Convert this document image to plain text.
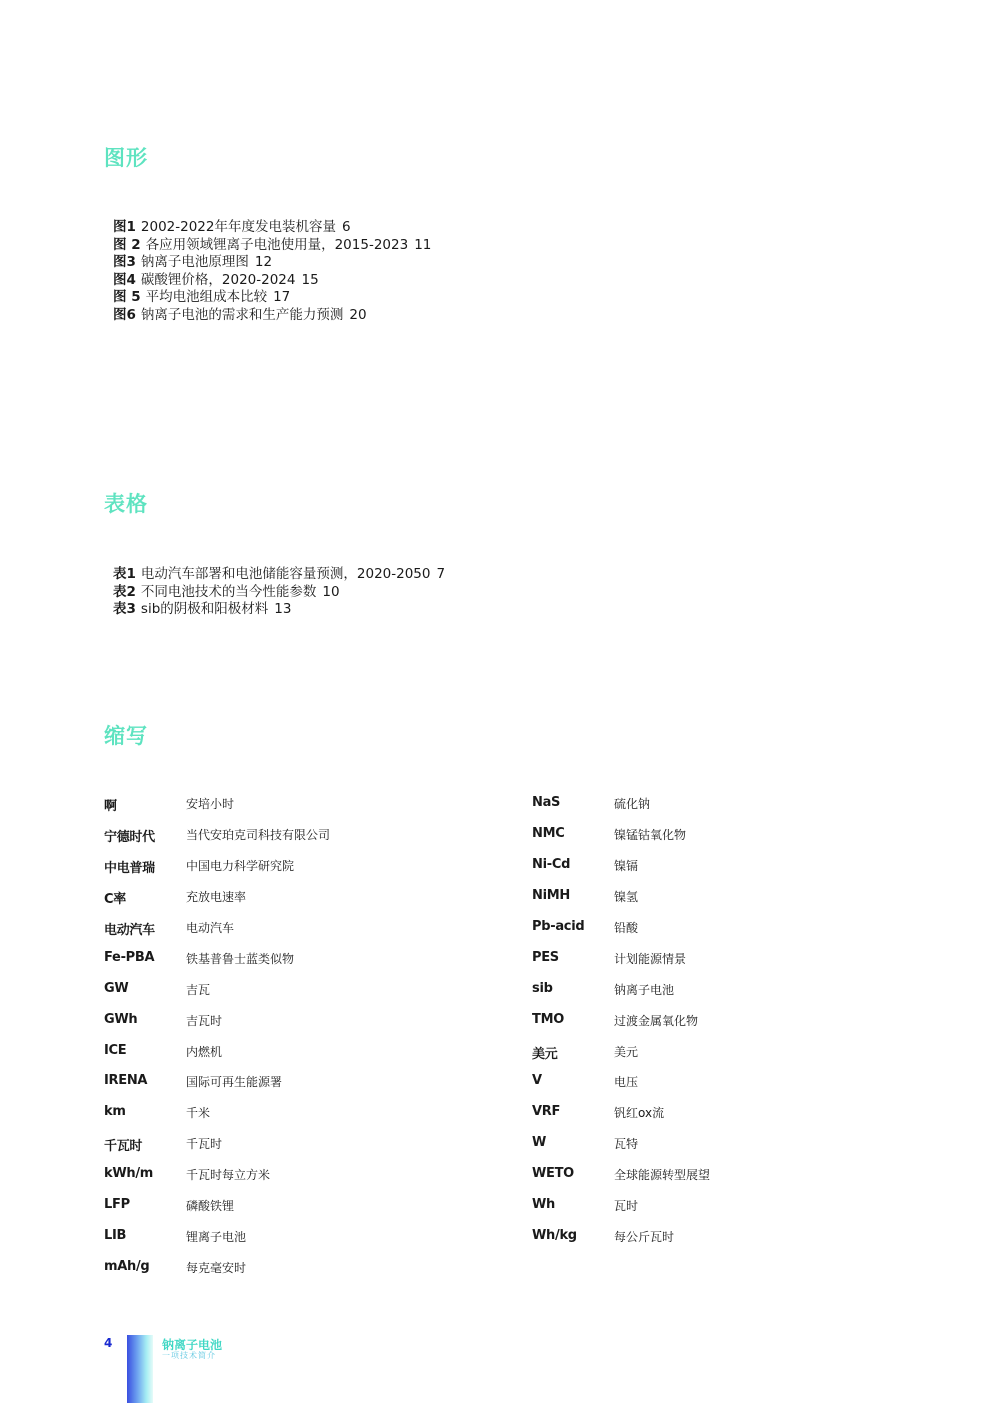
图形
图1 2002-2022年年度发电装机容量 6
图 2 各应用领域锂离子电池使用量，2015-2023 11
图3 钠离子电池原理图 12
图4 碳酸锂价格，2020-2024 15
图 5 平均电池组成本比较 17
图6 钠离子电池的需求和生产能力预测 20
表格
表1 电动汽车部署和电池储能容量预测，2020-2050 7
表2 不同电池技术的当今性能参数 10
表3 sib的阴极和阳极材料 13
缩写
啊	安培小时
宁德时代	当代安珀克司科技有限公司
中电普瑞	中国电力科学研究院
C率	充放电速率
电动汽车	电动汽车
Fe-PBA	铁基普鲁士蓝类似物
GW	吉瓦
GWh	吉瓦时
ICE	内燃机
IRENA	国际可再生能源署
km	千米
千瓦时	千瓦时
kWh/m	千瓦时每立方米
LFP	磷酸铁锂
LIB	锂离子电池
mAh/g	每克毫安时
NaS	硫化钠
NMC	镍锰钴氧化物
Ni-Cd	镍镉
NiMH	镍氢
Pb-acid 铅酸
PES	计划能源情景
sib	钠离子电池
TMO	过渡金属氧化物
美元	美元
V	电压
VRF	钒红ox流
W	瓦特
WETO	全球能源转型展望
Wh	瓦时
Wh/kg	每公斤瓦时
4	钠离子电池
一项技术简介
